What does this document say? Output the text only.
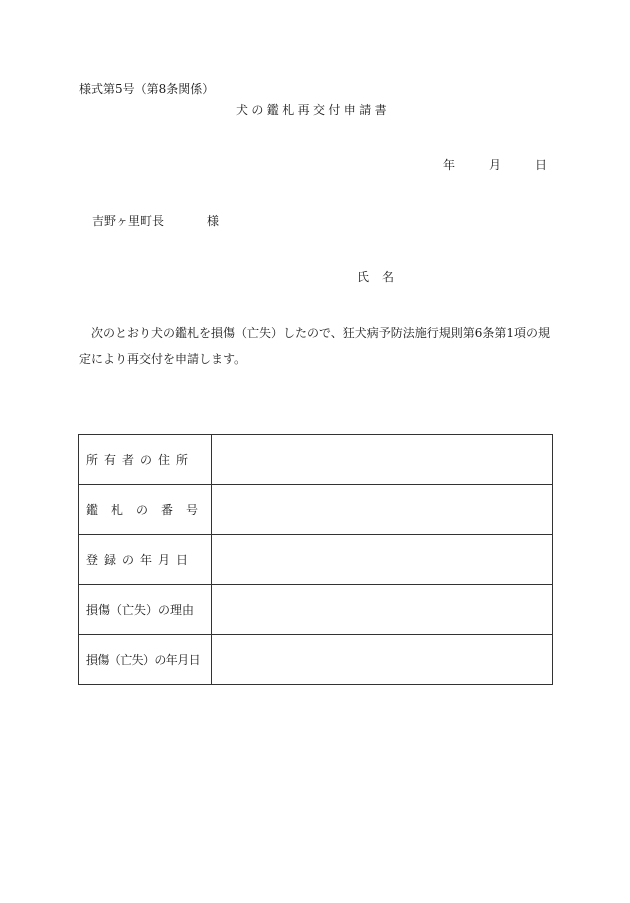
様式第5号（第8条関係）
犬の鑑札再交付申請書
年	月	日
吉野ヶ里町長	様
氏 名
次のとおり犬の鑑札を損傷（亡失）したので、狂犬病予防法施行規則第6条第1項の規定により再交付を申請します。
所有者の住所	
鑑札の番号	
登録の年月日	
損傷（亡失）の理由	
損傷（亡失）の年月日	
